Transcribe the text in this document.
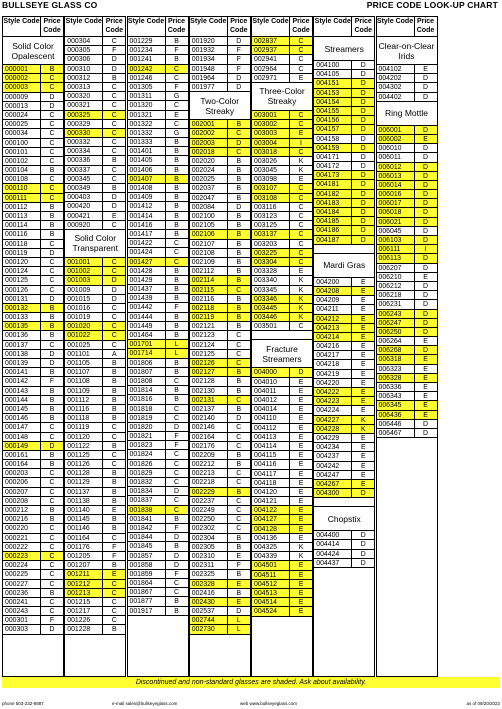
BULLSEYE GLASS CO	PRICE CODE LOOK-UP CHART
Style Code Price Code
Solid Color Opalescent
000001	B
000002	C
000003	C
000009	D
000013	D
000024	C
000025	C
000034	C
000100	C
000101	C
000102	C
000104	B
000108	C
000110	C
000111	C
000112	B
000113	B
000114	B
000116	B
000118	C
000119	D
000120	C
000124	C
000125	C
000126	C
000131	D
000132	B
000133	B
000135	B
000136	B
000137	C
000138	D
000139	D
000141	B
000142	F
000143	B
000144	B
000145	B
000146	B
000147	C
000148	C
000149	D
000161	B
000164	B
000203	C
000206	C
000207	C
000208	C
000212	B
000216	B
000220	C
000221	C
000222	C
000223	C
000224	C
000225	C
000227	C
000236	B
000241	C
000243	C
000301	F
000303	D
Style Code Price Code
000304	C
000305	F
000306	D
000310	D
000312	B
000313	C
000320	C
000321	C
000325	C
000329	C
000330	C
000332	C
000334	C
000336	B
000337	C
000345	C
000349	B
000403	D
000420	D
000421	E
000920	C
Solid Color Transparent
001001	C
001002	C
001003	D
001009	D
001015	D
001016	C
001019	C
001020	C
001022	C
001025	C
001101	A
001105	B
001107	B
001108	B
001109	B
001112	B
001116	B
001118	B
001119	C
001120	C
001122	B
001125	C
001126	C
001128	B
001129	B
001137	B
001138	B
001140	E
001145	B
001146	B
001164	C
001176	F
001205	F
001207	B
001211	E
001212	C
001213	C
001215	C
001217	C
001226	C
001228	B
Style Code Price Code
001229	B
001234	F
001241	B
001242	C
001246	C
001305	F
001311	G
001320	C
001321	E
001322	C
001332	G
001333	B
001401	B
001405	B
001406	B
001407	B
001408	B
001409	B
001412	B
001414	B
001416	B
001417	B
001422	C
001424	C
001427	C
001428	B
001429	B
001437	B
001439	B
001442	F
001444	B
001449	B
001464	B
001701	L
001714	L
001806	B
001807	B
001808	C
001814	B
001816	B
001818	C
001819	C
001820	D
001821	F
001823	F
001824	C
001826	C
001829	C
001832	C
001834	D
001837	C
001838	C
001841	B
001842	F
001844	D
001845	B
001857	D
001858	D
001859	F
001864	C
001867	C
001877	B
001917	B
Style Code Price Code
001920	D
001932	F
001934	F
001948	F
001964	D
001977	D
Two-Color Streaky
002001	B
002002	C
002003	D
002018	C
002020	B
002024	B
002025	B
002037	B
002047	B
002084	D
002100	B
002105	B
002106	B
002107	B
002108	B
002109	B
002112	B
002114	B
002115	C
002116	B
002118	B
002119	B
002121	B
002123	C
002124	C
002125	C
002126	C
002127	B
002128	B
002130	B
002131	C
002137	B
002140	D
002146	C
002164	C
002176	C
002209	B
002212	B
002213	C
002218	C
002229	B
002237	C
002249	C
002250	C
002302	C
002304	B
002305	B
002310	E
002311	F
002325	B
002328	E
002416	B
002430	E
002537	D
002744	L
002730	L
Style Code Price Code
002837	C
002937	C
002941	C
002964	C
002971	E
Three-Color Streaky
003001	C
003002	C
003003	E
003004	I
003018	C
003026	K
003045	K
003098	E
003107	C
003108	C
003116	C
003123	C
003125	C
003137	C
003203	C
003225	C
003304	C
003328	E
003340	K
003345	K
003346	K
003445	K
003446	K
003501	C
Fracture Streamers
004000	D
004010	E
004011	E
004012	E
004014	E
004110	E
004112	E
004113	E
004114	E
004115	E
004116	E
004117	E
004118	E
004120	E
004121	E
004122	E
004127	E
004128	E
004136	E
004325	K
004339	K
004501	E
004511	E
004512	E
004513	E
004514	E
004524	E
Style Code Price Code
Streamers
004100	D
004105	D
004151	D
004153	D
004154	D
004155	D
004156	D
004157	D
004158	D
004159	D
004171	D
004172	D
004173	D
004181	D
004182	D
004183	D
004184	D
004185	D
004186	D
004187	D
Mardi Gras
004200	E
004208	E
004209	E
004211	E
004212	E
004213	E
004214	E
004216	E
004217	E
004218	E
004219	E
004220	E
004222	E
004223	E
004224	E
004227	K
004228	K
004229	E
004234	E
004237	E
004242	E
004247	E
004267	E
004300	D
Chopstix
004400	D
004414	D
004424	D
004437	D
Style Code Price Code
Clear-on-Clear Irids
004102	E
004202	D
004302	D
004402	D
Ring Mottle
006001	D
006002	E
006010	D
006011	D
006012	D
006013	D
006014	D
006016	D
006017	D
006018	D
006021	D
006045	D
006103	D
006111	I
006113	D
006207	D
006210	E
006212	D
006218	D
006231	D
006243	D
006247	D
006250	D
006264	E
006268	D
006318	E
006323	E
006328	E
006336	E
006343	E
006345	E
006436	E
006446	D
006467	D
Discontinued and non-standard glasses are shaded. Ask about availability.
phone 503-232-8887	e-mail sales@bullseyeglass.com	web www.bullseyeglass.com	as of 09/20/2022
